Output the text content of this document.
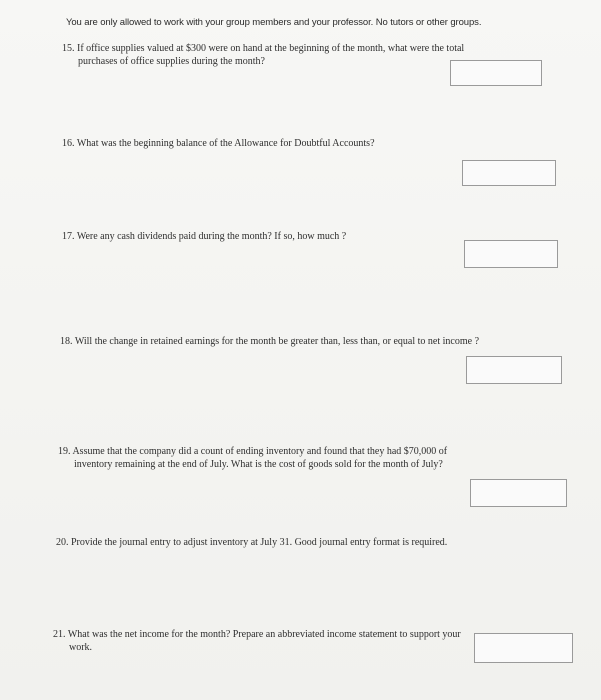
You are only allowed to work with your group members and your professor. No tutors or other groups.
15. If office supplies valued at $300 were on hand at the beginning of the month, what were the total
purchases of office supplies during the month?
16. What was the beginning balance of the Allowance for Doubtful Accounts?
17. Were any cash dividends paid during the month? If so, how much ?
18. Will the change in retained earnings for the month be greater than, less than, or equal to net income ?
19. Assume that the company did a count of ending inventory and found that they had $70,000 of
inventory remaining at the end of July. What is the cost of goods sold for the month of July?
20. Provide the journal entry to adjust inventory at July 31. Good journal entry format is required.
21. What was the net income for the month? Prepare an abbreviated income statement to support your
work.
